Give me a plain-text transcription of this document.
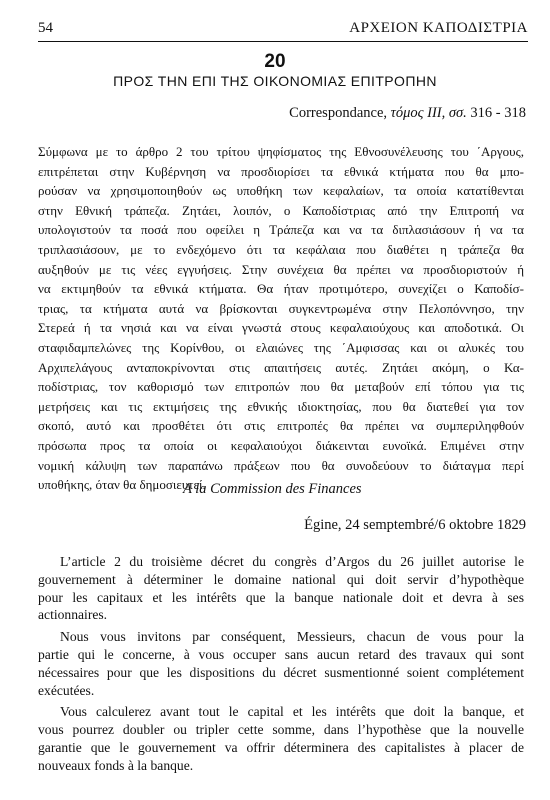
54	ΑΡΧΕΙΟΝ ΚΑΠΟΔΙΣΤΡΙΑ
20
ΠΡΟΣ ΤΗΝ ΕΠΙ ΤΗΣ ΟΙΚΟΝΟΜΙΑΣ ΕΠΙΤΡΟΠΗΝ
Correspondance, τόμος III, σσ. 316 - 318
Σύμφωνα με το άρθρο 2 του τρίτου ψηφίσματος της Εθνοσυνέλευσης του ΄Αργους,
επιτρέπεται στην Κυβέρνηση να προσδιορίσει τα εθνικά κτήματα που θα μπο-
ρούσαν να χρησιμοποιηθούν ως υποθήκη των κεφαλαίων, τα οποία κατατίθενται
στην Εθνική τράπεζα. Ζητάει, λοιπόν, ο Καποδίστριας από την Επιτροπή να
υπολογιστούν τα ποσά που οφείλει η Τράπεζα και να τα διπλασιάσουν ή να τα
τριπλασιάσουν, με το ενδεχόμενο ότι τα κεφάλαια που διαθέτει η τράπεζα θα
αυξηθούν με τις νέες εγγυήσεις. Στην συνέχεια θα πρέπει να προσδιοριστούν ή
να εκτιμηθούν τα εθνικά κτήματα. Θα ήταν προτιμότερο, συνεχίζει ο Καποδίσ-
τριας, τα κτήματα αυτά να βρίσκονται συγκεντρωμένα στην Πελοπόννησο, την
Στερεά ή τα νησιά και να είναι γνωστά στους κεφαλαιούχους και αποδοτικά. Οι
σταφιδαμπελώνες της Κορίνθου, οι ελαιώνες της ΄Αμφισσας και οι αλυκές του
Αρχιπελάγους ανταποκρίνονται στις απαιτήσεις αυτές. Ζητάει ακόμη, ο Κα-
ποδίστριας, τον καθορισμό των επιτροπών που θα μεταβούν επί τόπου για τις
μετρήσεις και τις εκτιμήσεις της εθνικής ιδιοκτησίας, που θα διατεθεί για τον
σκοπό, αυτό και προσθέτει ότι στις επιτροπές θα πρέπει να συμπεριληφθούν
πρόσωπα προς τα οποία οι κεφαλαιούχοι διάκεινται ευνοϊκά. Επιμένει στην
νομική κάλυψη των παραπάνω πράξεων που θα συνοδεύουν το διάταγμα περί
υποθήκης, όταν θα δημοσιευτεί.
A la Commission des Finances
Égine, 24 semptembré/6 oktobre 1829
L’article 2 du troisième décret du congrès d’Argos du 26 juillet autorise le
gouvernement à déterminer le domaine national qui doit servir d’hypothèque
pour les capitaux et les intérêts que la banque nationale doit et devra à ses
actionnaires.
Nous vous invitons par conséquent, Messieurs, chacun de vous pour la
partie qui le concerne, à vous occuper sans aucun retard des travaux qui sont
nécessaires pour que les dispositions du décret susmentionné soient complétement
exécutées.
Vous calculerez avant tout le capital et les intérêts que doit la banque, et
vous pourrez doubler ou tripler cette somme, dans l’hypothèse que la nouvelle
garantie que le gouvernement va offrir déterminera des capitalistes à placer de
nouveaux fonds à la banque.
